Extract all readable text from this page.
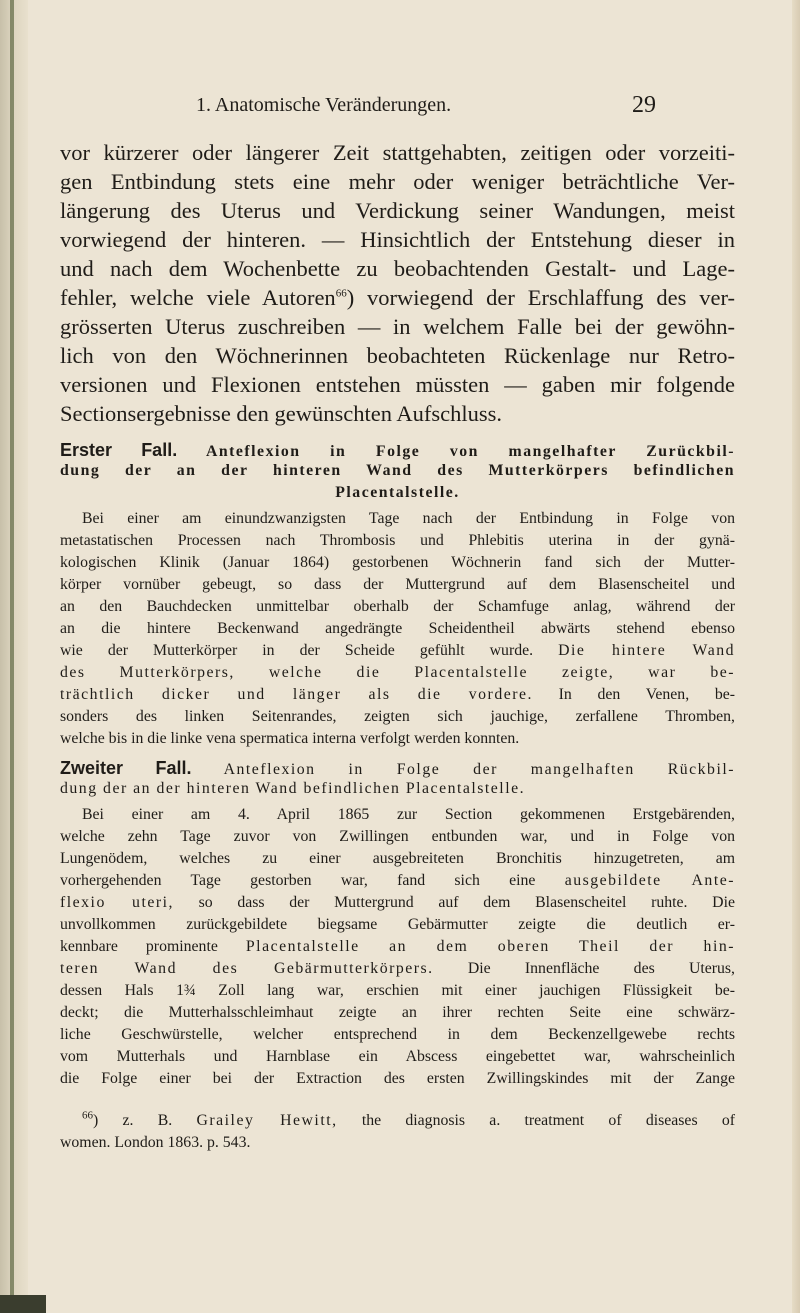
1. Anatomische Veränderungen.	29
vor kürzerer oder längerer Zeit stattgehabten, zeitigen oder vorzeiti-
gen Entbindung stets eine mehr oder weniger beträchtliche Ver-
längerung des Uterus und Verdickung seiner Wandungen, meist
vorwiegend der hinteren. — Hinsichtlich der Entstehung dieser in
und nach dem Wochenbette zu beobachtenden Gestalt- und Lage-
fehler, welche viele Autoren$^{66}$) vorwiegend der Erschlaffung des ver-
grösserten Uterus zuschreiben — in welchem Falle bei der gewöhn-
lich von den Wöchnerinnen beobachteten Rückenlage nur Retro-
versionen und Flexionen entstehen müssten — gaben mir folgende
Sectionsergebnisse den gewünschten Aufschluss.
Erster Fall. Anteflexion in Folge von mangelhafter Zurückbil-
dung der an der hinteren Wand des Mutterkörpers befindlichen
Placentalstelle.
Bei einer am einundzwanzigsten Tage nach der Entbindung in Folge von
metastatischen Processen nach Thrombosis und Phlebitis uterina in der gynä-
kologischen Klinik (Januar 1864) gestorbenen Wöchnerin fand sich der Mutter-
körper vornüber gebeugt, so dass der Muttergrund auf dem Blasenscheitel und
an den Bauchdecken unmittelbar oberhalb der Schamfuge anlag, während der
an die hintere Beckenwand angedrängte Scheidentheil abwärts stehend ebenso
wie der Mutterkörper in der Scheide gefühlt wurde. Die hintere Wand
des Mutterkörpers, welche die Placentalstelle zeigte, war be-
trächtlich dicker und länger als die vordere. In den Venen, be-
sonders des linken Seitenrandes, zeigten sich jauchige, zerfallene Thromben,
welche bis in die linke vena spermatica interna verfolgt werden konnten.
Zweiter Fall. Anteflexion in Folge der mangelhaften Rückbil-
dung der an der hinteren Wand befindlichen Placentalstelle.
Bei einer am 4. April 1865 zur Section gekommenen Erstgebärenden,
welche zehn Tage zuvor von Zwillingen entbunden war, und in Folge von
Lungenödem, welches zu einer ausgebreiteten Bronchitis hinzugetreten, am
vorhergehenden Tage gestorben war, fand sich eine ausgebildete Ante-
flexio uteri, so dass der Muttergrund auf dem Blasenscheitel ruhte. Die
unvollkommen zurückgebildete biegsame Gebärmutter zeigte die deutlich er-
kennbare prominente Placentalstelle an dem oberen Theil der hin-
teren Wand des Gebärmutterkörpers. Die Innenfläche des Uterus,
dessen Hals 1¾ Zoll lang war, erschien mit einer jauchigen Flüssigkeit be-
deckt; die Mutterhalsschleimhaut zeigte an ihrer rechten Seite eine schwärz-
liche Geschwürstelle, welcher entsprechend in dem Beckenzellgewebe rechts
vom Mutterhals und Harnblase ein Abscess eingebettet war, wahrscheinlich
die Folge einer bei der Extraction des ersten Zwillingskindes mit der Zange
$^{66}$) z. B. Grailey Hewitt, the diagnosis a. treatment of diseases of
women. London 1863. p. 543.
